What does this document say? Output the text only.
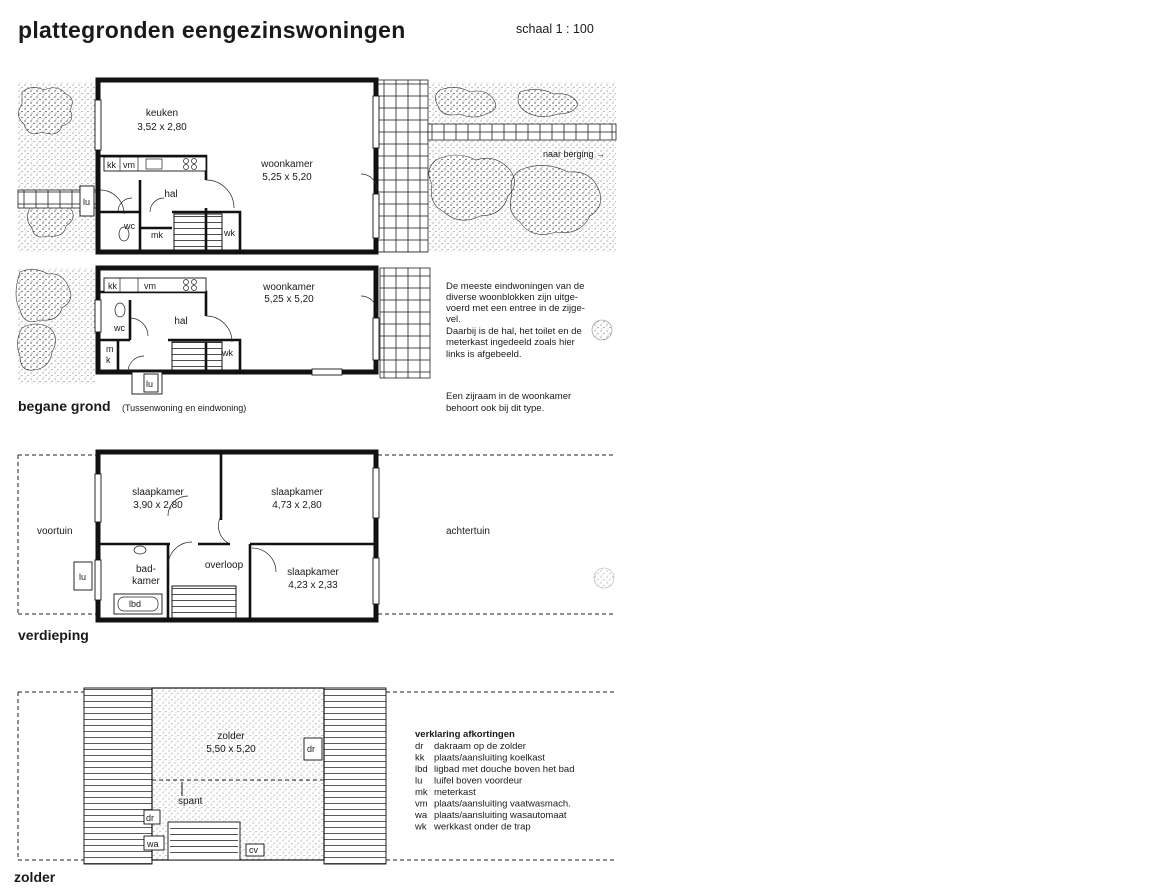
plattegronden eengezinswoningen	schaal 1 : 100
naar berging →
keuken
3,52 x 2,80
woonkamer
5,25 x 5,20
hal
kk vm
lu
wc
mk	wk
kk	vm	woonkamer
5,25 x 5,20
wc
hal
m
k
wk
lu
De meeste eindwoningen van de
diverse woonblokken zijn uitge-
voerd met een entree in de zijge-
vel.
Daarbij is de hal, het toilet en de
meterkast ingedeeld zoals hier
links is afgebeeld.
Een zijraam in de woonkamer
behoort ook bij dit type.
begane grond (Tussenwoning en eindwoning)
slaapkamer
3,90 x 2,80
slaapkamer
4,73 x 2,80
slaapkamer
4,23 x 2,33
bad-
kamer
overloop
lbd
lu
voortuin	achtertuin
verdieping
zolder
5,50 x 5,20	dr
dr
spant
wa
cv
zolder
verklaring afkortingen
dr dakraam op de zolder
kk plaats/aansluiting koelkast
lbd ligbad met douche boven het bad
lu luifel boven voordeur
mk meterkast
vm plaats/aansluiting vaatwasmach.
wa plaats/aansluiting wasautomaat
wk werkkast onder de trap
